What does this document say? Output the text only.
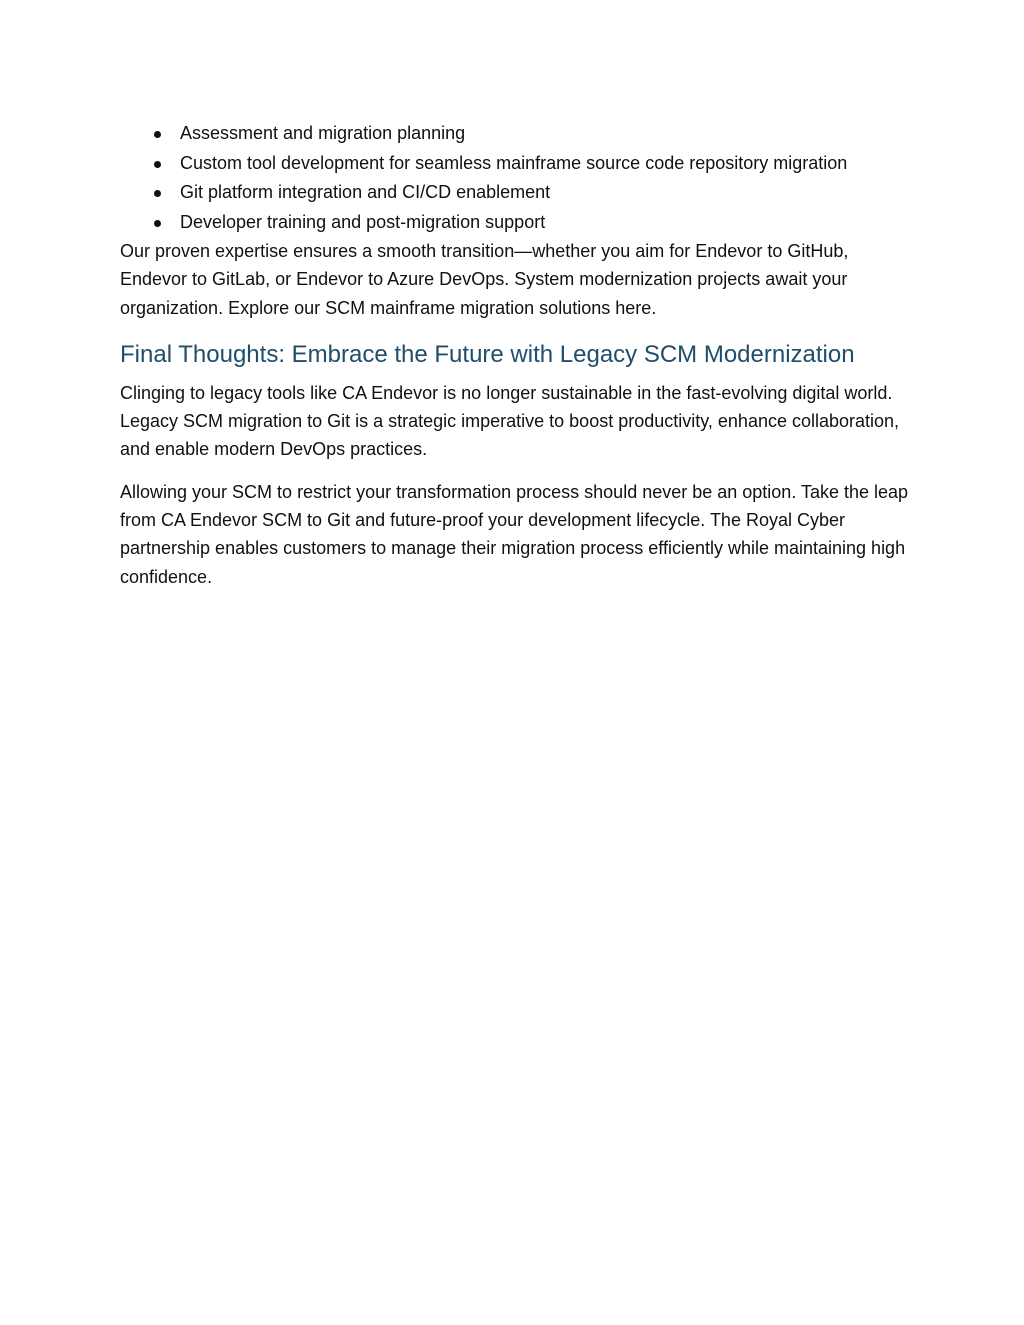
Assessment and migration planning
Custom tool development for seamless mainframe source code repository migration
Git platform integration and CI/CD enablement
Developer training and post-migration support

Our proven expertise ensures a smooth transition—whether you aim for Endevor to GitHub, Endevor to GitLab, or Endevor to Azure DevOps. System modernization projects await your organization. Explore our SCM mainframe migration solutions here.

Final Thoughts: Embrace the Future with Legacy SCM Modernization

Clinging to legacy tools like CA Endevor is no longer sustainable in the fast-evolving digital world. Legacy SCM migration to Git is a strategic imperative to boost productivity, enhance collaboration, and enable modern DevOps practices.

Allowing your SCM to restrict your transformation process should never be an option. Take the leap from CA Endevor SCM to Git and future-proof your development lifecycle. The Royal Cyber partnership enables customers to manage their migration process efficiently while maintaining high confidence.
